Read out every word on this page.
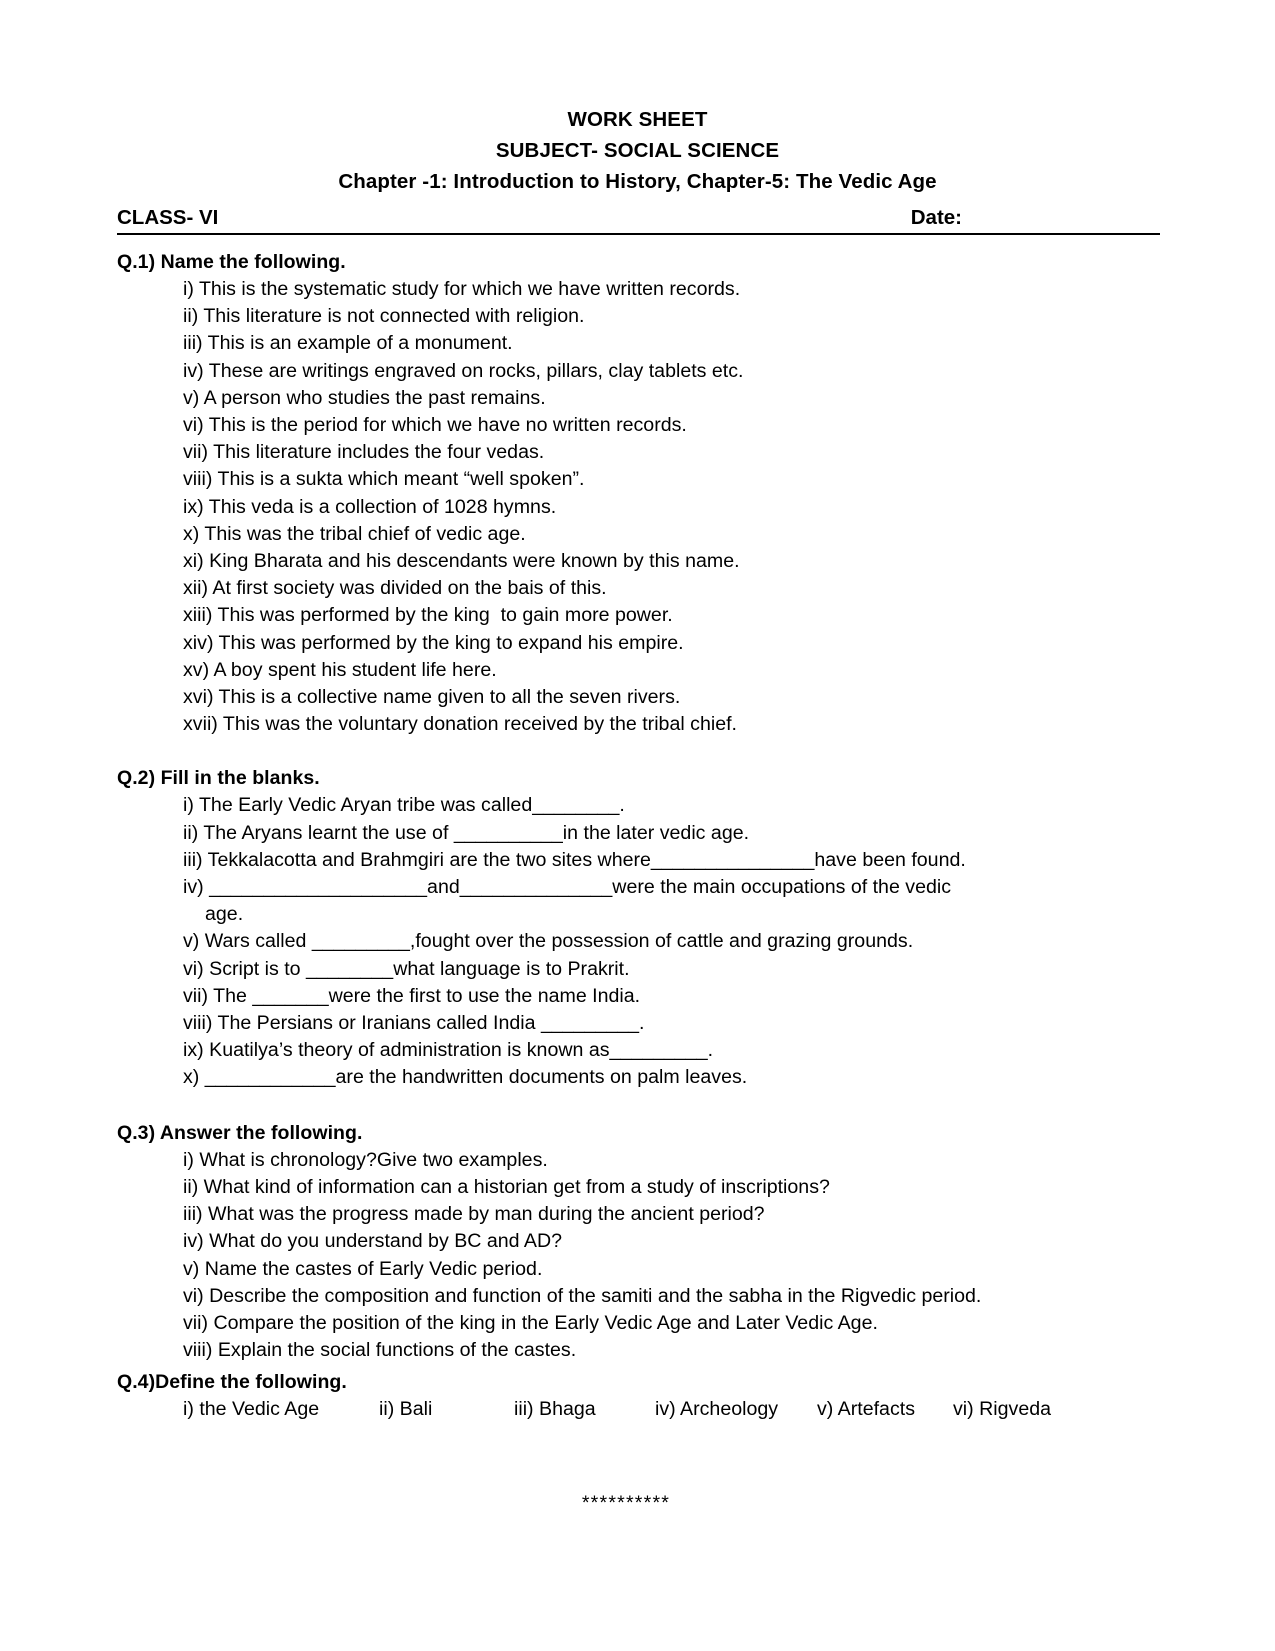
WORK SHEET
SUBJECT- SOCIAL SCIENCE
Chapter -1: Introduction to History, Chapter-5: The Vedic Age
CLASS- VI	Date:
Q.1) Name the following.
i) This is the systematic study for which we have written records.
ii) This literature is not connected with religion.
iii) This is an example of a monument.
iv) These are writings engraved on rocks, pillars, clay tablets etc.
v) A person who studies the past remains.
vi) This is the period for which we have no written records.
vii) This literature includes the four vedas.
viii) This is a sukta which meant “well spoken”.
ix) This veda is a collection of 1028 hymns.
x) This was the tribal chief of vedic age.
xi) King Bharata and his descendants were known by this name.
xii) At first society was divided on the bais of this.
xiii) This was performed by the king  to gain more power.
xiv) This was performed by the king to expand his empire.
xv) A boy spent his student life here.
xvi) This is a collective name given to all the seven rivers.
xvii) This was the voluntary donation received by the tribal chief.
Q.2) Fill in the blanks.
i) The Early Vedic Aryan tribe was called________.
ii) The Aryans learnt the use of __________in the later vedic age.
iii) Tekkalacotta and Brahmgiri are the two sites where_______________have been found.
iv) ____________________and______________were the main occupations of the vedic
age.
v) Wars called _________,fought over the possession of cattle and grazing grounds.
vi) Script is to ________what language is to Prakrit.
vii) The _______were the first to use the name India.
viii) The Persians or Iranians called India _________.
ix) Kuatilya’s theory of administration is known as_________.
x) ____________are the handwritten documents on palm leaves.
Q.3) Answer the following.
i) What is chronology?Give two examples.
ii) What kind of information can a historian get from a study of inscriptions?
iii) What was the progress made by man during the ancient period?
iv) What do you understand by BC and AD?
v) Name the castes of Early Vedic period.
vi) Describe the composition and function of the samiti and the sabha in the Rigvedic period.
vii) Compare the position of the king in the Early Vedic Age and Later Vedic Age.
viii) Explain the social functions of the castes.
Q.4)Define the following.
i) the Vedic Age	ii) Bali	iii) Bhaga	iv) Archeology	v) Artefacts	vi) Rigveda
**********
